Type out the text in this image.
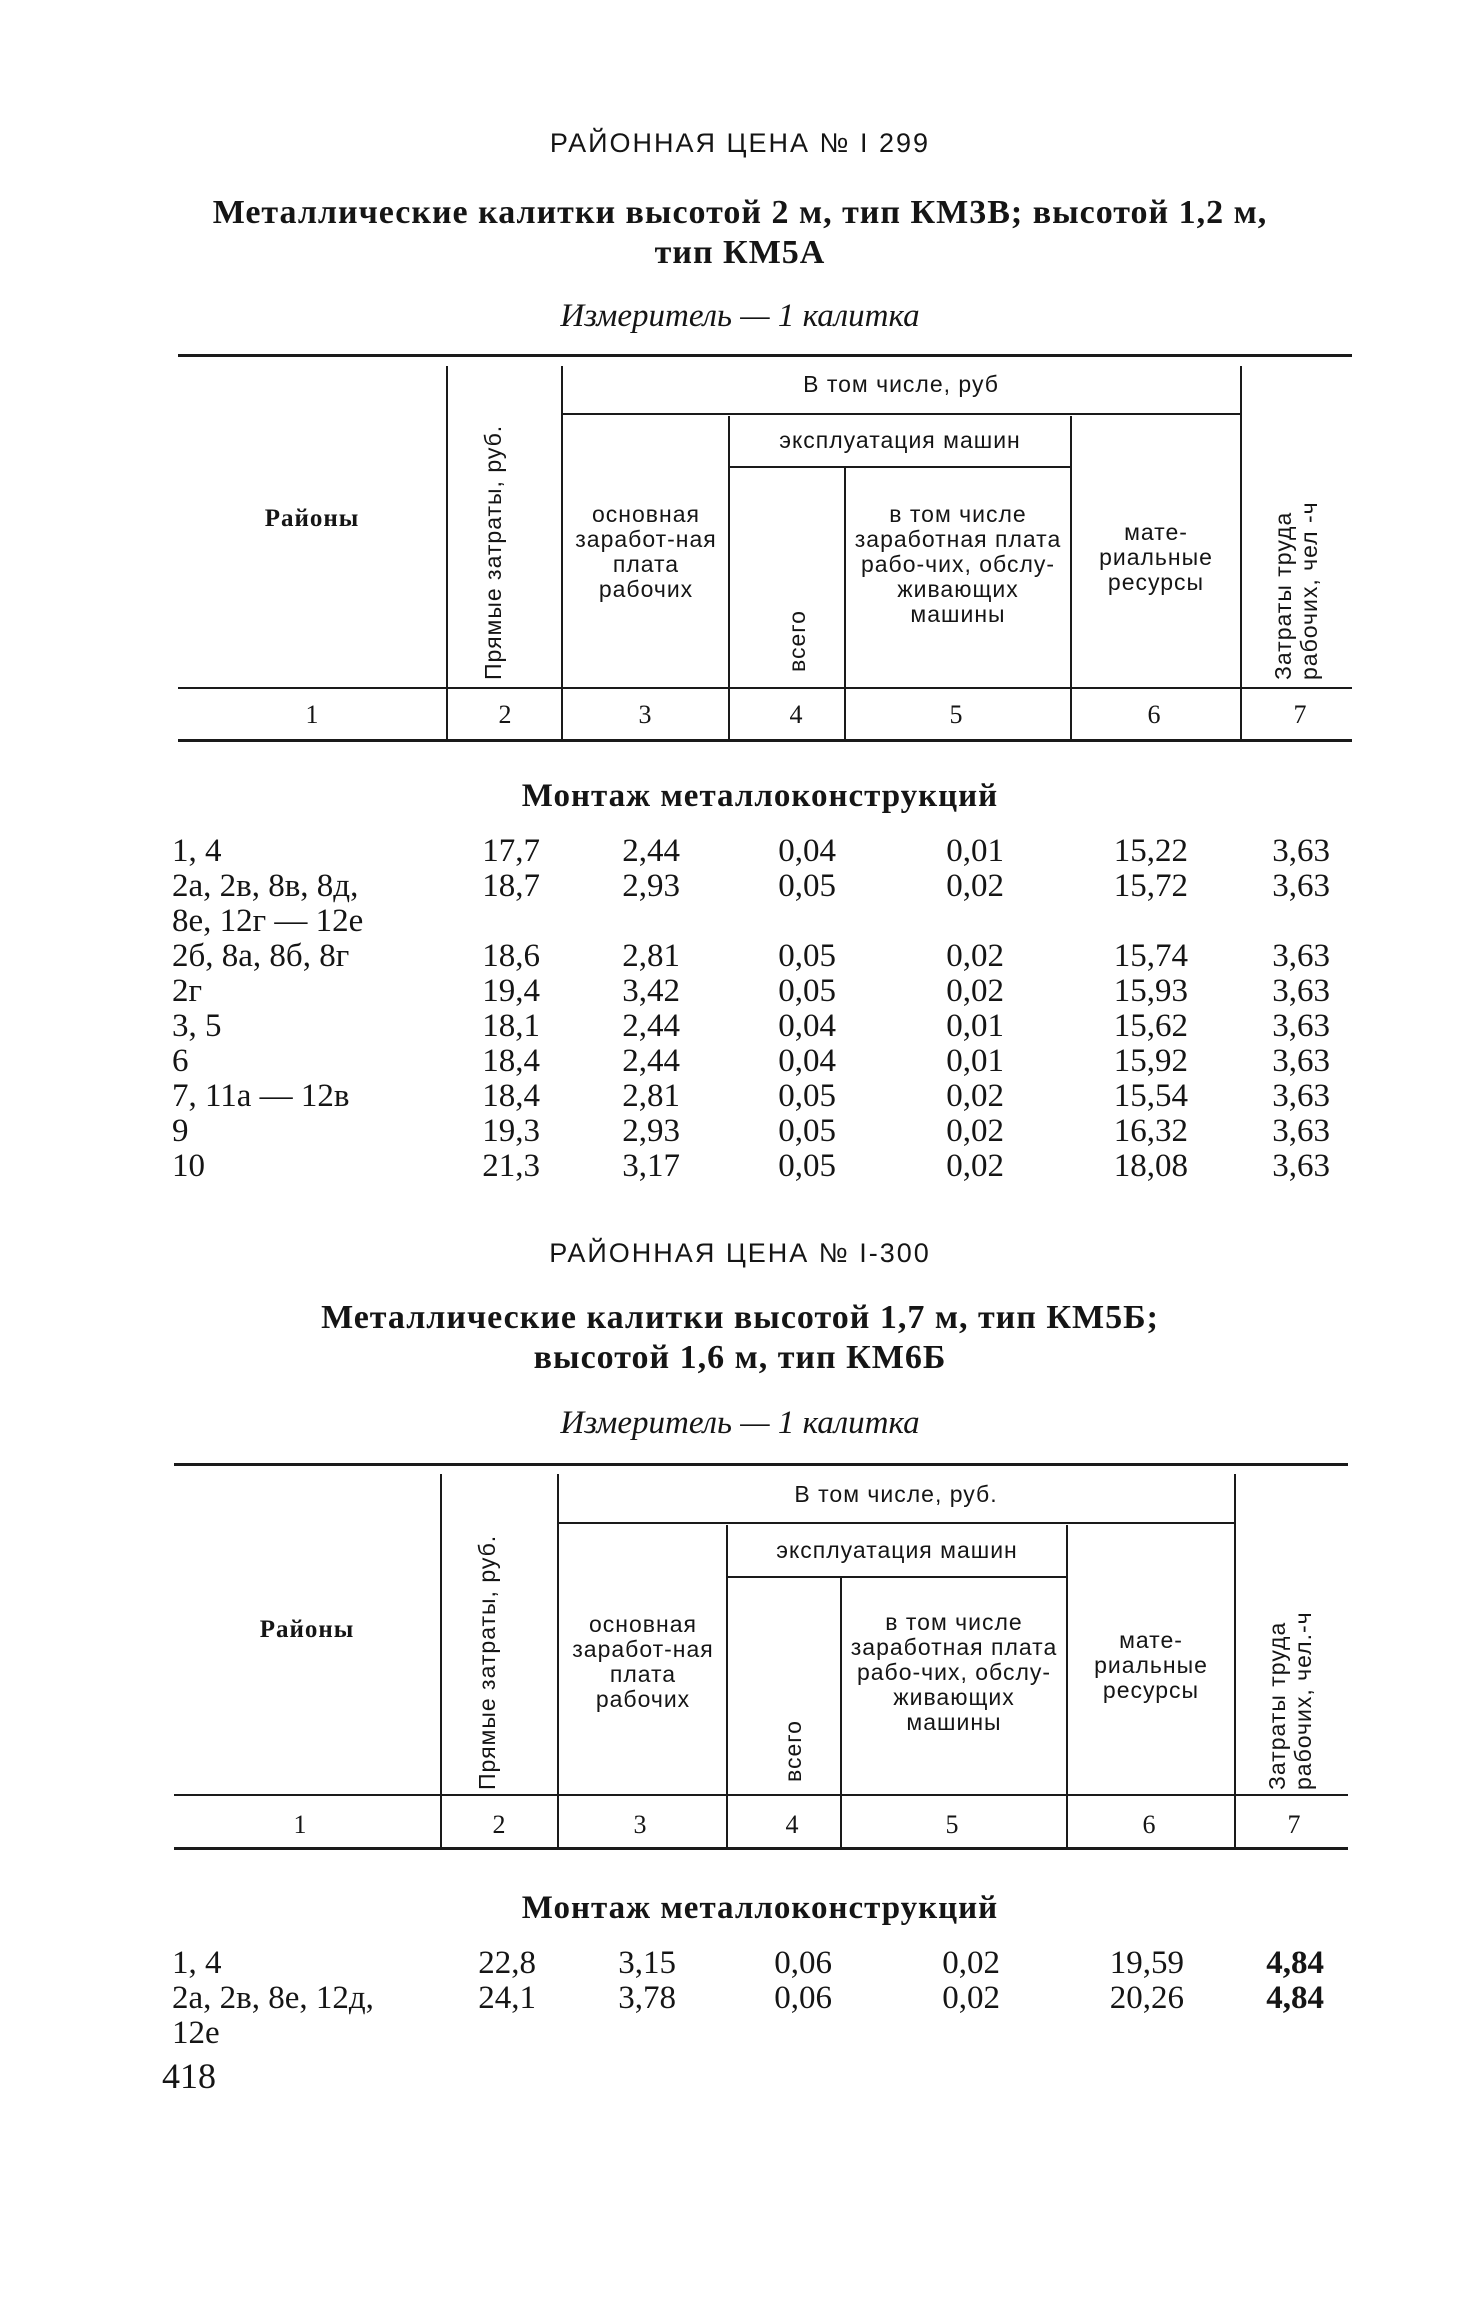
РАЙОННАЯ ЦЕНА № I 299
Металлические калитки высотой 2 м, тип КМ3В; высотой 1,2 м,
тип КМ5А
Измеритель — 1 калитка
Районы	Прямые затраты, руб.
В том числе, руб
основная заработ-ная плата рабочих
эксплуатация машин
всего
в том числе заработная плата рабо-чих, обслу-живающих машины
мате-риальные ресурсы	Затраты труда рабочих, чел -ч
1	2	3	4	5	6	7
Монтаж металлоконструкций
1, 4	17,7	2,44	0,04	0,01	15,22	3,63
2а, 2в, 8в, 8д,	18,7	2,93	0,05	0,02	15,72	3,63
8е, 12г — 12е
2б, 8а, 8б, 8г	18,6	2,81	0,05	0,02	15,74	3,63
2г	19,4	3,42	0,05	0,02	15,93	3,63
3, 5	18,1	2,44	0,04	0,01	15,62	3,63
6	18,4	2,44	0,04	0,01	15,92	3,63
7, 11а — 12в	18,4	2,81	0,05	0,02	15,54	3,63
9	19,3	2,93	0,05	0,02	16,32	3,63
10	21,3	3,17	0,05	0,02	18,08	3,63
РАЙОННАЯ ЦЕНА № I-300
Металлические калитки высотой 1,7 м, тип КМ5Б;
высотой 1,6 м, тип КМ6Б
Измеритель — 1 калитка
Районы	Прямые затраты, руб.
В том числе, руб.
основная заработ-ная плата рабочих
эксплуатация машин
всего
в том числе заработная плата рабо-чих, обслу-живающих машины
мате-риальные ресурсы	Затраты труда рабочих, чел.-ч
1	2	3	4	5	6	7
Монтаж металлоконструкций
1, 4	22,8	3,15	0,06	0,02	19,59	4,84
2а, 2в, 8е, 12д,	24,1	3,78	0,06	0,02	20,26	4,84
12е
418
